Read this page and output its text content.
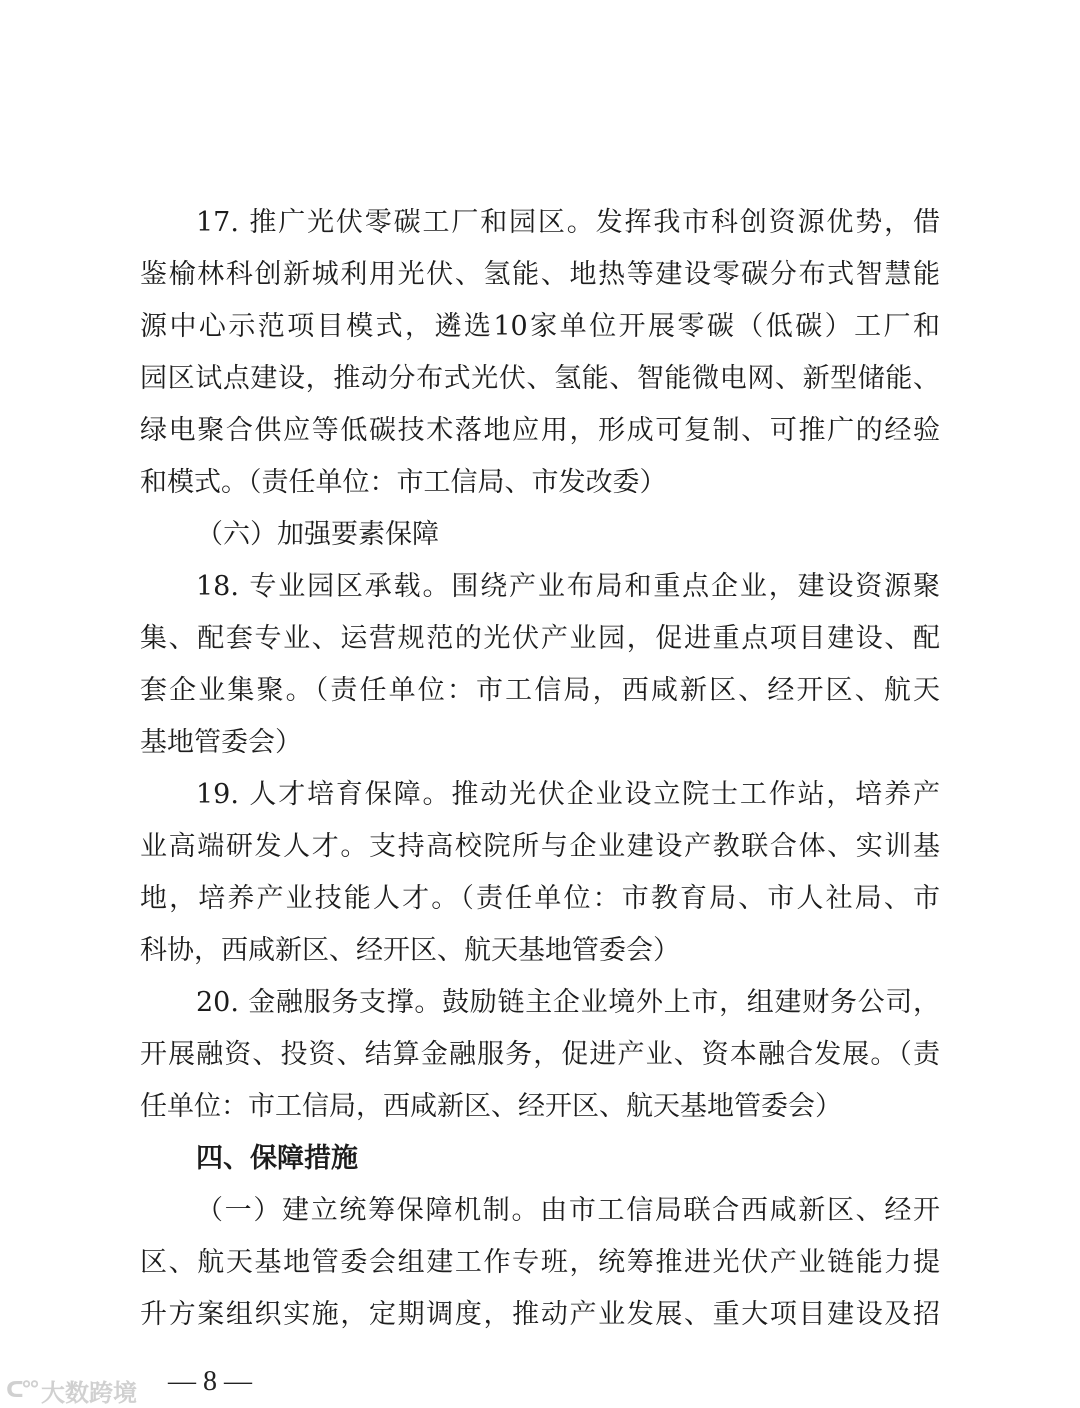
17. 推广光伏零碳工厂和园区。发挥我市科创资源优势，借
鉴榆林科创新城利用光伏、氢能、地热等建设零碳分布式智慧能
源中心示范项目模式，遴选10家单位开展零碳（低碳）工厂和
园区试点建设，推动分布式光伏、氢能、智能微电网、新型储能、
绿电聚合供应等低碳技术落地应用，形成可复制、可推广的经验
和模式。（责任单位：市工信局、市发改委）
（六）加强要素保障
18. 专业园区承载。围绕产业布局和重点企业，建设资源聚
集、配套专业、运营规范的光伏产业园，促进重点项目建设、配
套企业集聚。（责任单位：市工信局，西咸新区、经开区、航天
基地管委会）
19. 人才培育保障。推动光伏企业设立院士工作站，培养产
业高端研发人才。支持高校院所与企业建设产教联合体、实训基
地，培养产业技能人才。（责任单位：市教育局、市人社局、市
科协，西咸新区、经开区、航天基地管委会）
20. 金融服务支撑。鼓励链主企业境外上市，组建财务公司，
开展融资、投资、结算金融服务，促进产业、资本融合发展。（责
任单位：市工信局，西咸新区、经开区、航天基地管委会）
四、保障措施
（一）建立统筹保障机制。由市工信局联合西咸新区、经开
区、航天基地管委会组建工作专班，统筹推进光伏产业链能力提
升方案组织实施，定期调度，推动产业发展、重大项目建设及招
ᑕ°° 大数跨境 — 8 —
